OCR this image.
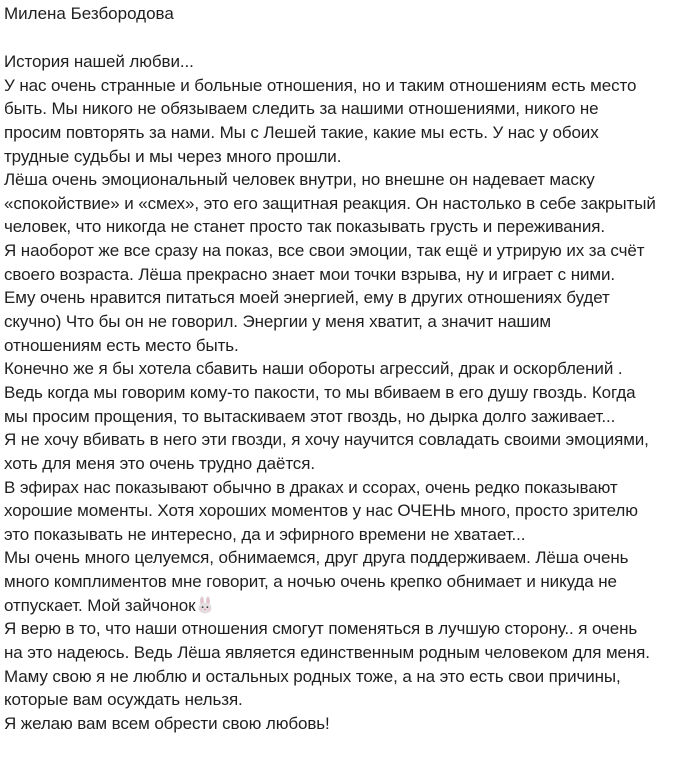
Милена Безбородова
История нашей любви...
У нас очень странные и больные отношения, но и таким отношениям есть место
быть. Мы никого не обязываем следить за нашими отношениями, никого не
просим повторять за нами. Мы с Лешей такие, какие мы есть. У нас у обоих
трудные судьбы и мы через много прошли.
Лёша очень эмоциональный человек внутри, но внешне он надевает маску
«спокойствие» и «смех», это его защитная реакция. Он настолько в себе закрытый
человек, что никогда не станет просто так показывать грусть и переживания.
Я наоборот же все сразу на показ, все свои эмоции, так ещё и утрирую их за счёт
своего возраста. Лёша прекрасно знает мои точки взрыва, ну и играет с ними.
Ему очень нравится питаться моей энергией, ему в других отношениях будет
скучно) Что бы он не говорил. Энергии у меня хватит, а значит нашим
отношениям есть место быть.
Конечно же я бы хотела сбавить наши обороты агрессий, драк и оскорблений .
Ведь когда мы говорим кому-то пакости, то мы вбиваем в его душу гвоздь. Когда
мы просим прощения, то вытаскиваем этот гвоздь, но дырка долго заживает...
Я не хочу вбивать в него эти гвозди, я хочу научится совладать своими эмоциями,
хоть для меня это очень трудно даётся.
В эфирах нас показывают обычно в драках и ссорах, очень редко показывают
хорошие моменты. Хотя хороших моментов у нас ОЧЕНЬ много, просто зрителю
это показывать не интересно, да и эфирного времени не хватает...
Мы очень много целуемся, обнимаемся, друг друга поддерживаем. Лёша очень
много комплиментов мне говорит, а ночью очень крепко обнимает и никуда не
отпускает. Мой зайчонок
Я верю в то, что наши отношения смогут поменяться в лучшую сторону.. я очень
на это надеюсь. Ведь Лёша является единственным родным человеком для меня.
Маму свою я не люблю и остальных родных тоже, а на это есть свои причины,
которые вам осуждать нельзя.
Я желаю вам всем обрести свою любовь!
